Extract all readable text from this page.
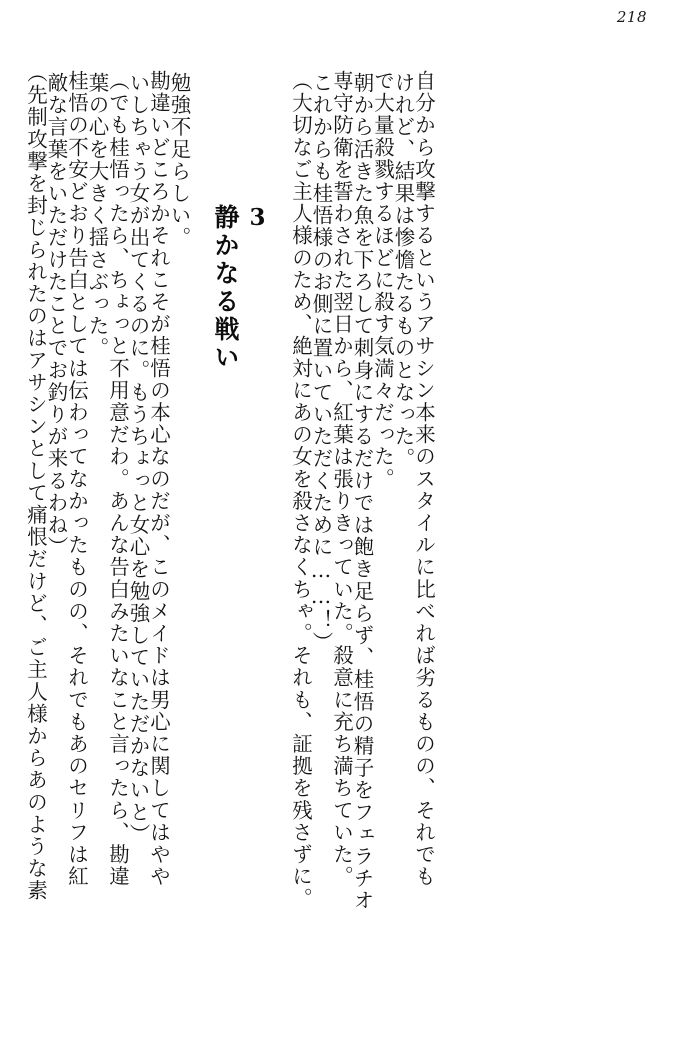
218
（先制攻撃を封じられたのはアサシンとして痛恨だけど、ご主人様からあのような素
敵な言葉をいただけたことでお釣りが来るわね）
桂悟の不安どおり告白としては伝わってなかったものの、それでもあのセリフは紅
葉の心を大きく揺さぶった。
（でも桂悟ったら、ちょっと不用意だわ。あんな告白みたいなこと言ったら、勘違
いしちゃう女が出てくるのに。もうちょっと女心を勉強していただかないと）
勘違いどころかそれこそが桂悟の本心なのだが、このメイドは男心に関してはやや
勉強不足らしい。	3
静かなる戦い	（大切なご主人様のため、絶対にあの女を殺さなくちゃ。それも、証拠を残さずに。
これからも桂悟様のお側に置いていただくために……！）
専守防衛を誓わされた翌日から、紅葉は張りきっていた。殺意に充ち満ちていた。
朝から活きた魚を下ろして刺身にするだけでは飽き足らず、桂悟の精子をフェラチオ
で大量殺戮するほどに殺す気満々だった。
けれど、結果は惨憺たるものとなった。
自分から攻撃するというアサシン本来のスタイルに比べれば劣るものの、それでも
